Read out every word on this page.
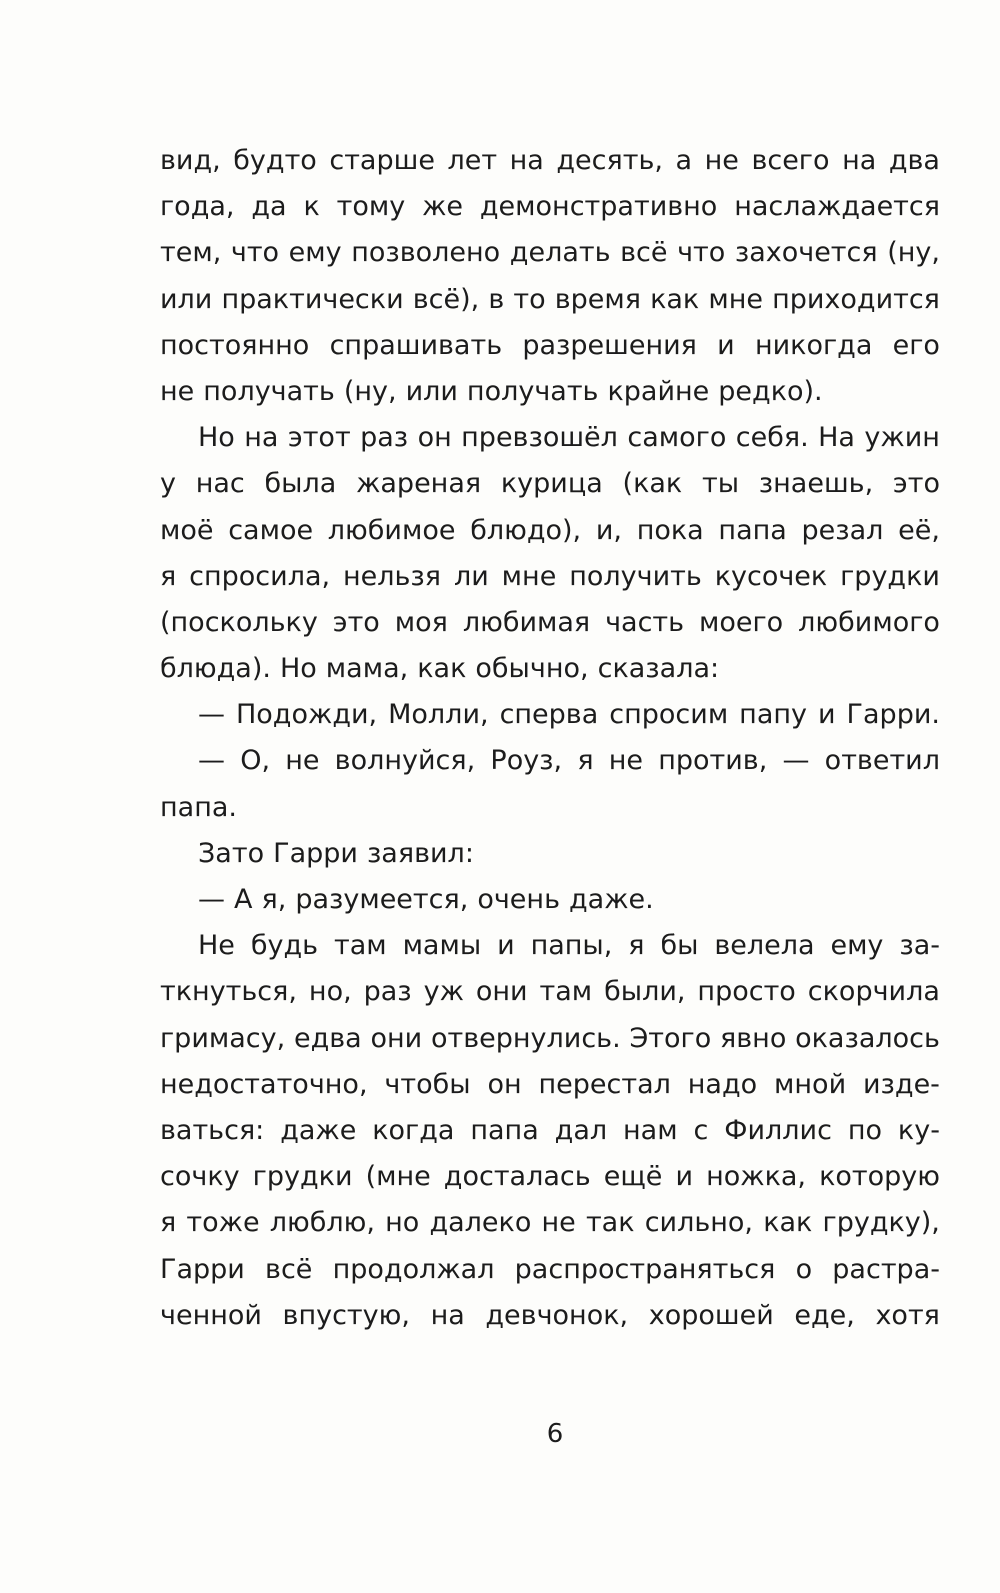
вид, будто старше лет на десять, а не всего на два
года, да к тому же демонстративно наслаждается
тем, что ему позволено делать всё что захочется (ну,
или практически всё), в то время как мне приходится
постоянно спрашивать разрешения и никогда его
не получать (ну, или получать крайне редко).
Но на этот раз он превзошёл самого себя. На ужин
у нас была жареная курица (как ты знаешь, это
моё самое любимое блюдо), и, пока папа резал её,
я спросила, нельзя ли мне получить кусочек грудки
(поскольку это моя любимая часть моего любимого
блюда). Но мама, как обычно, сказала:
— Подожди, Молли, сперва спросим папу и Гарри.
— О, не волнуйся, Роуз, я не против, — ответил
папа.
Зато Гарри заявил:
— А я, разумеется, очень даже.
Не будь там мамы и папы, я бы велела ему за-
ткнуться, но, раз уж они там были, просто скорчила
гримасу, едва они отвернулись. Этого явно оказалось
недостаточно, чтобы он перестал надо мной изде-
ваться: даже когда папа дал нам с Филлис по ку-
сочку грудки (мне досталась ещё и ножка, которую
я тоже люблю, но далеко не так сильно, как грудку),
Гарри всё продолжал распространяться о растра-
ченной впустую, на девчонок, хорошей еде, хотя
6
